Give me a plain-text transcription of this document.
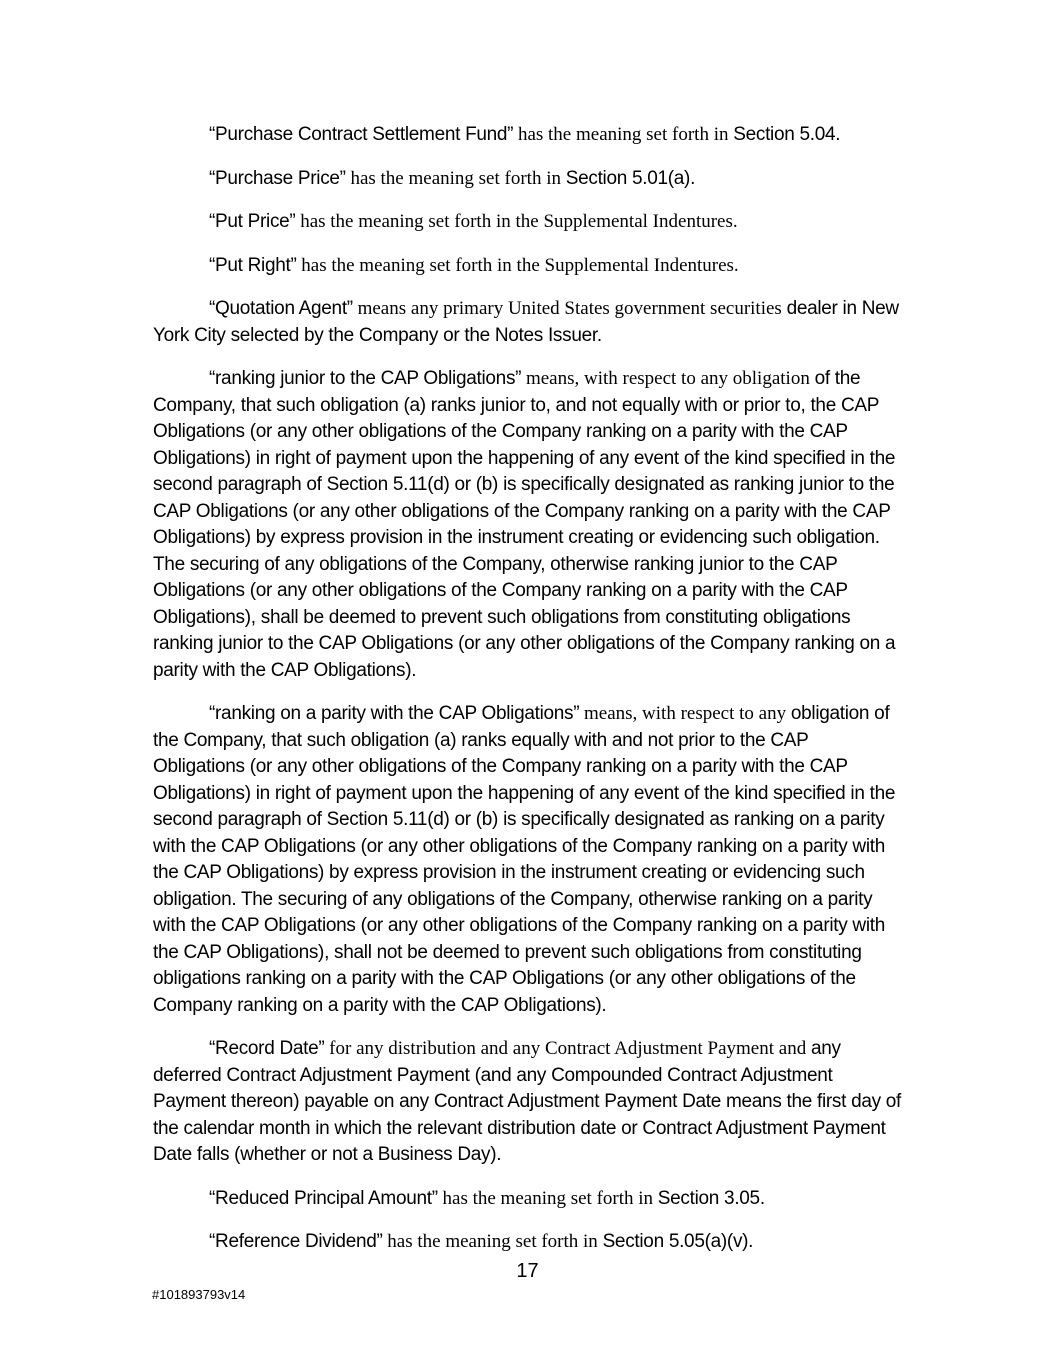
“Purchase Contract Settlement Fund” has the meaning set forth in Section 5.04.

“Purchase Price” has the meaning set forth in Section 5.01(a).

“Put Price” has the meaning set forth in the Supplemental Indentures.

“Put Right” has the meaning set forth in the Supplemental Indentures.

“Quotation Agent” means any primary United States government securities dealer in New York City selected by the Company or the Notes Issuer.

“ranking junior to the CAP Obligations” means, with respect to any obligation of the Company, that such obligation (a) ranks junior to, and not equally with or prior to, the CAP Obligations (or any other obligations of the Company ranking on a parity with the CAP Obligations) in right of payment upon the happening of any event of the kind specified in the second paragraph of Section 5.11(d) or (b) is specifically designated as ranking junior to the CAP Obligations (or any other obligations of the Company ranking on a parity with the CAP Obligations) by express provision in the instrument creating or evidencing such obligation. The securing of any obligations of the Company, otherwise ranking junior to the CAP Obligations (or any other obligations of the Company ranking on a parity with the CAP Obligations), shall be deemed to prevent such obligations from constituting obligations ranking junior to the CAP Obligations (or any other obligations of the Company ranking on a parity with the CAP Obligations).

“ranking on a parity with the CAP Obligations” means, with respect to any obligation of the Company, that such obligation (a) ranks equally with and not prior to the CAP Obligations (or any other obligations of the Company ranking on a parity with the CAP Obligations) in right of payment upon the happening of any event of the kind specified in the second paragraph of Section 5.11(d) or (b) is specifically designated as ranking on a parity with the CAP Obligations (or any other obligations of the Company ranking on a parity with the CAP Obligations) by express provision in the instrument creating or evidencing such obligation. The securing of any obligations of the Company, otherwise ranking on a parity with the CAP Obligations (or any other obligations of the Company ranking on a parity with the CAP Obligations), shall not be deemed to prevent such obligations from constituting obligations ranking on a parity with the CAP Obligations (or any other obligations of the Company ranking on a parity with the CAP Obligations).

“Record Date” for any distribution and any Contract Adjustment Payment and any deferred Contract Adjustment Payment (and any Compounded Contract Adjustment Payment thereon) payable on any Contract Adjustment Payment Date means the first day of the calendar month in which the relevant distribution date or Contract Adjustment Payment Date falls (whether or not a Business Day).

“Reduced Principal Amount” has the meaning set forth in Section 3.05.

“Reference Dividend” has the meaning set forth in Section 5.05(a)(v).

17
#101893793v14
